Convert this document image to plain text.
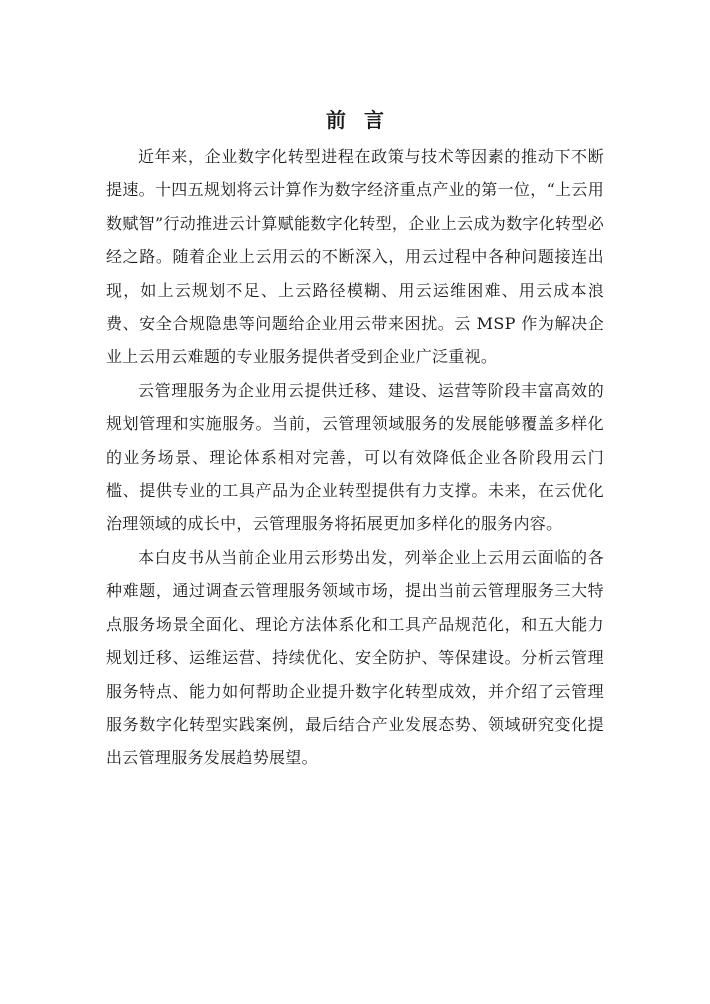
前言

近年来，企业数字化转型进程在政策与技术等因素的推动下不断提速。十四五规划将云计算作为数字经济重点产业的第一位，“上云用数赋智”行动推进云计算赋能数字化转型，企业上云成为数字化转型必经之路。随着企业上云用云的不断深入，用云过程中各种问题接连出现，如上云规划不足、上云路径模糊、用云运维困难、用云成本浪费、安全合规隐患等问题给企业用云带来困扰。云 MSP 作为解决企业上云用云难题的专业服务提供者受到企业广泛重视。

云管理服务为企业用云提供迁移、建设、运营等阶段丰富高效的规划管理和实施服务。当前，云管理领域服务的发展能够覆盖多样化的业务场景、理论体系相对完善，可以有效降低企业各阶段用云门槛、提供专业的工具产品为企业转型提供有力支撑。未来，在云优化治理领域的成长中，云管理服务将拓展更加多样化的服务内容。

本白皮书从当前企业用云形势出发，列举企业上云用云面临的各种难题，通过调查云管理服务领域市场，提出当前云管理服务三大特点服务场景全面化、理论方法体系化和工具产品规范化，和五大能力规划迁移、运维运营、持续优化、安全防护、等保建设。分析云管理服务特点、能力如何帮助企业提升数字化转型成效，并介绍了云管理服务数字化转型实践案例，最后结合产业发展态势、领域研究变化提出云管理服务发展趋势展望。
